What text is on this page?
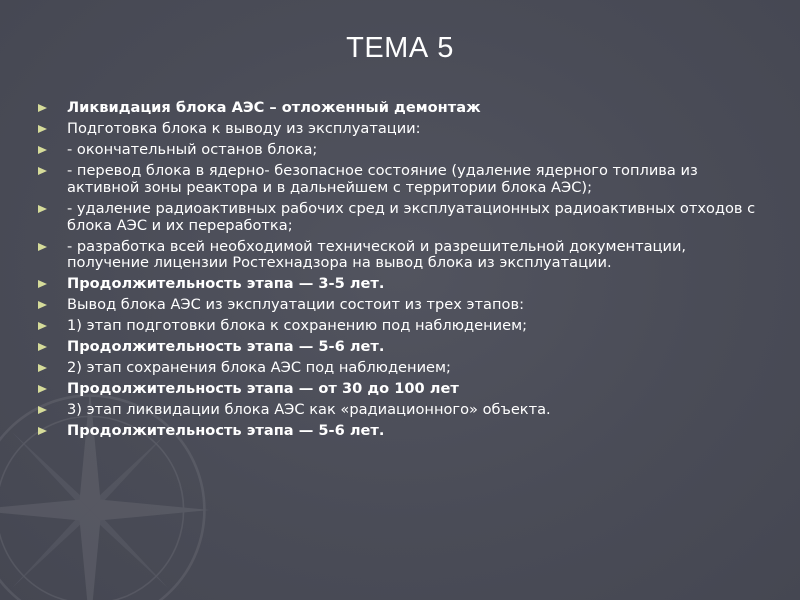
ТЕМА 5
Ликвидация блока АЭС – отложенный демонтаж
Подготовка блока к выводу из эксплуатации:
- окончательный останов блока;
- перевод блока в ядерно- безопасное состояние (удаление ядерного топлива из активной зоны реактора и в дальнейшем с территории блока АЭС);
- удаление радиоактивных рабочих сред и эксплуатационных радиоактивных отходов с блока АЭС и их переработка;
- разработка всей необходимой технической и разрешительной документации, получение лицензии Ростехнадзора на вывод блока из эксплуатации.
Продолжительность этапа — 3-5 лет.
Вывод блока АЭС из эксплуатации состоит из трех этапов:
1) этап подготовки блока к сохранению под наблюдением;
Продолжительность этапа — 5-6 лет.
2) этап сохранения блока АЭС под наблюдением;
Продолжительность этапа — от 30 до 100 лет
3) этап ликвидации блока АЭС как «радиационного» объекта.
Продолжительность этапа — 5-6 лет.
